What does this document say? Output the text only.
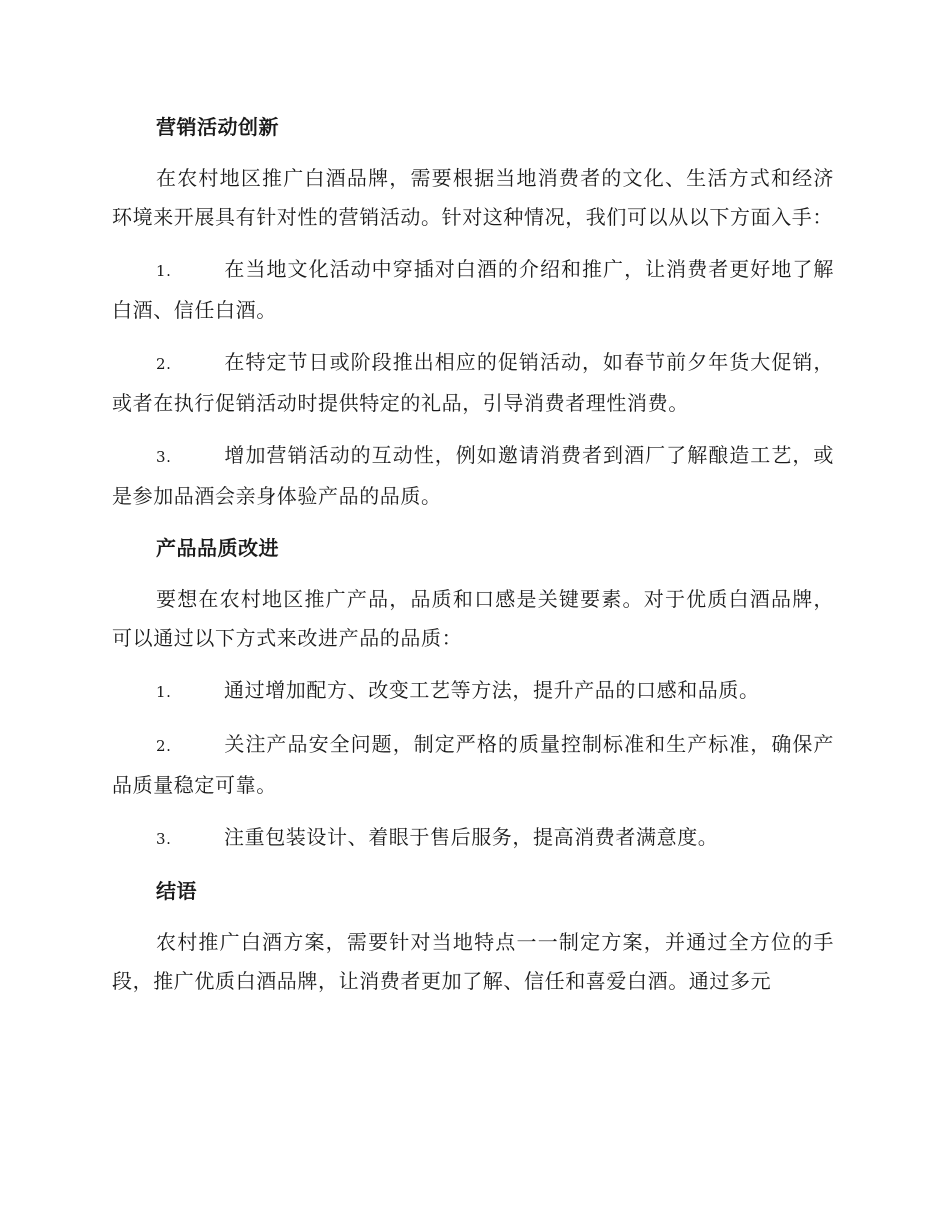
营销活动创新
在农村地区推广白酒品牌，需要根据当地消费者的文化、生活方式和经济环境来开展具有针对性的营销活动。针对这种情况，我们可以从以下方面入手：
1.	在当地文化活动中穿插对白酒的介绍和推广，让消费者更好地了解白酒、信任白酒。
2.	在特定节日或阶段推出相应的促销活动，如春节前夕年货大促销，或者在执行促销活动时提供特定的礼品，引导消费者理性消费。
3.	增加营销活动的互动性，例如邀请消费者到酒厂了解酿造工艺，或是参加品酒会亲身体验产品的品质。
产品品质改进
要想在农村地区推广产品，品质和口感是关键要素。对于优质白酒品牌，可以通过以下方式来改进产品的品质：
1.	通过增加配方、改变工艺等方法，提升产品的口感和品质。
2.	关注产品安全问题，制定严格的质量控制标准和生产标准，确保产品质量稳定可靠。
3.	注重包装设计、着眼于售后服务，提高消费者满意度。
结语
农村推广白酒方案，需要针对当地特点一一制定方案，并通过全方位的手段，推广优质白酒品牌，让消费者更加了解、信任和喜爱白酒。通过多元
